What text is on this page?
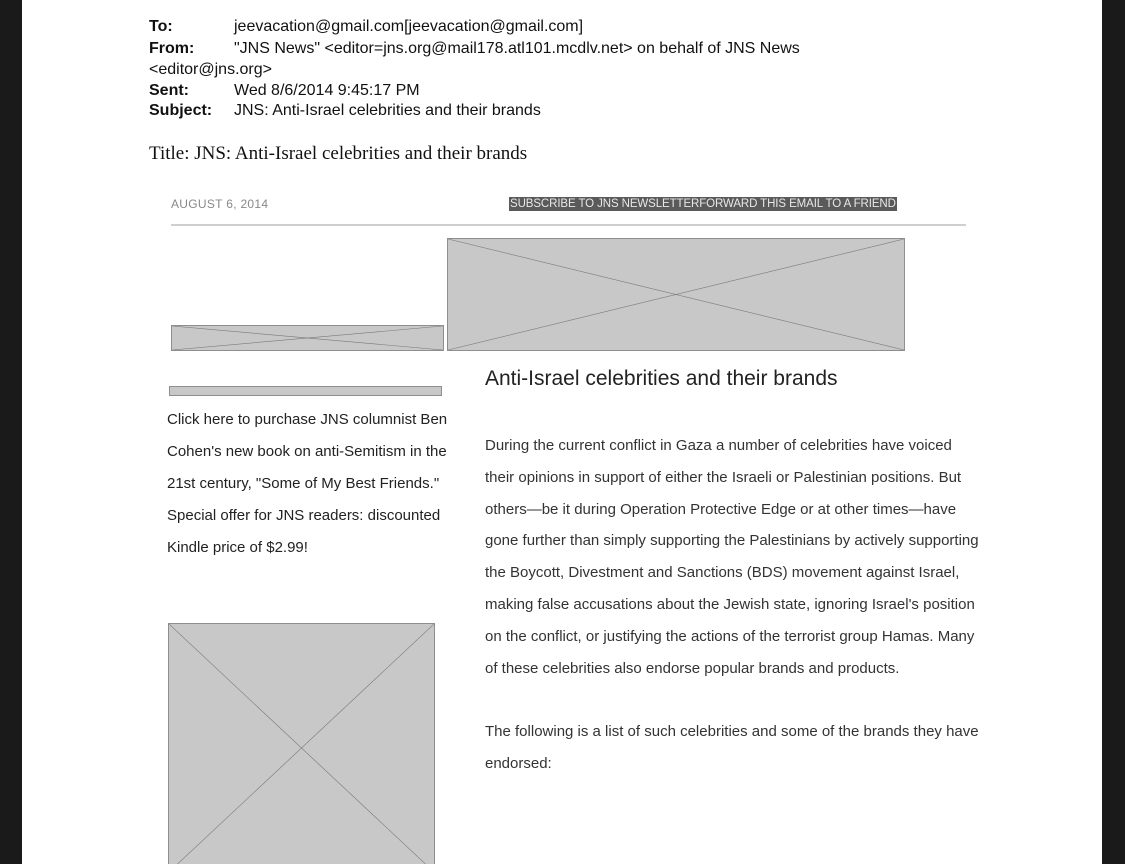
To:	jeevacation@gmail.com[jeevacation@gmail.com]
From: "JNS News" <editor=jns.org@mail178.atl101.mcdlv.net> on behalf of JNS News
<editor@jns.org>
Sent:	Wed 8/6/2014 9:45:17 PM
Subject: JNS: Anti-Israel celebrities and their brands
Title: JNS: Anti-Israel celebrities and their brands
AUGUST 6, 2014	SUBSCRIBE TO JNS NEWSLETTERFORWARD THIS EMAIL TO A FRIEND
Anti-Israel celebrities and their brands
Click here to purchase JNS columnist Ben Cohen's new book on anti-Semitism in the 21st century, "Some of My Best Friends." Special offer for JNS readers: discounted Kindle price of $2.99!

During the current conflict in Gaza a number of celebrities have voiced their opinions in support of either the Israeli or Palestinian positions. But others—be it during Operation Protective Edge or at other times—have gone further than simply supporting the Palestinians by actively supporting the Boycott, Divestment and Sanctions (BDS) movement against Israel, making false accusations about the Jewish state, ignoring Israel's position on the conflict, or justifying the actions of the terrorist group Hamas. Many of these celebrities also endorse popular brands and products.

The following is a list of such celebrities and some of the brands they have endorsed:
